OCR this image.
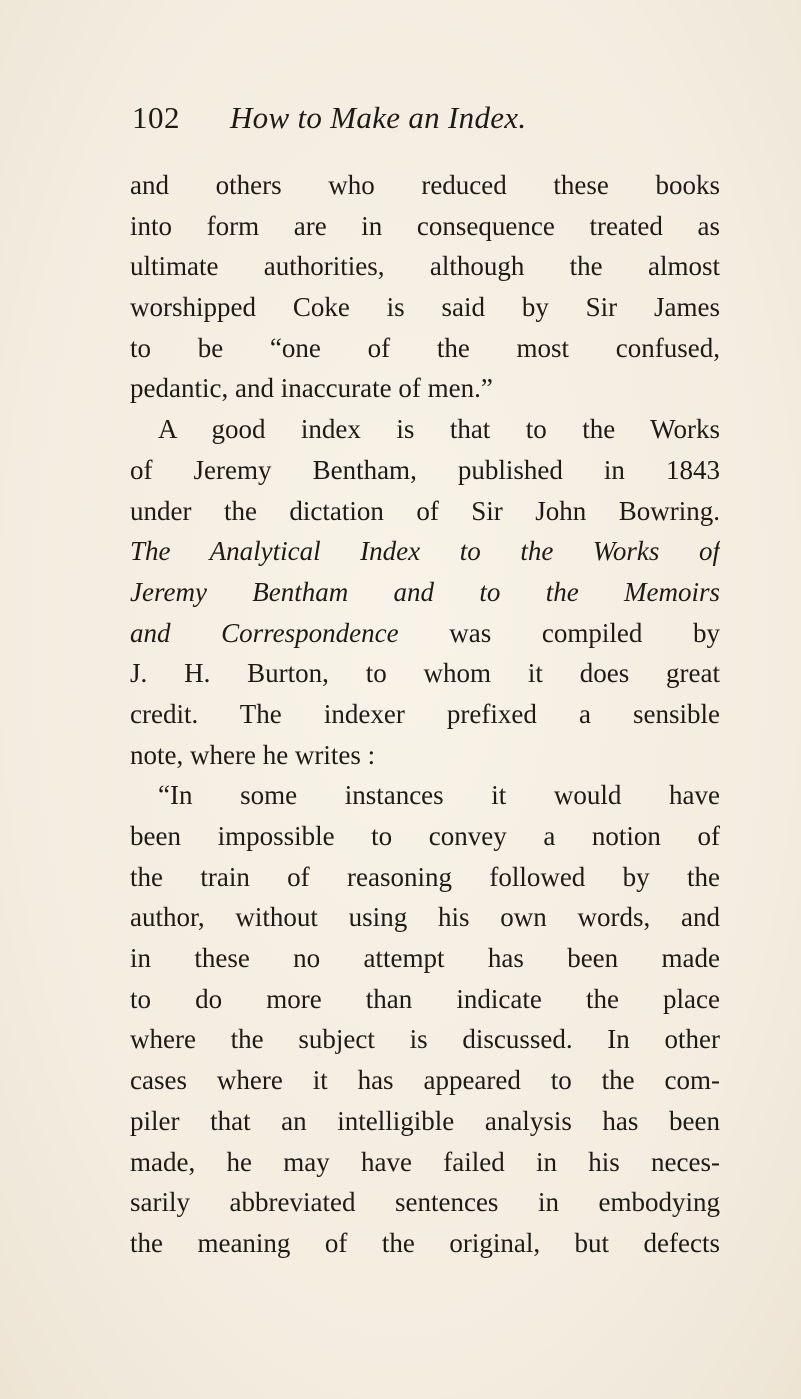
102 How to Make an Index.
and others who reduced these books
into form are in consequence treated as
ultimate authorities, although the almost
worshipped Coke is said by Sir James
to be “one of the most confused,
pedantic, and inaccurate of men.”
A good index is that to the Works
of Jeremy Bentham, published in 1843
under the dictation of Sir John Bowring.
The Analytical Index to the Works of
Jeremy Bentham and to the Memoirs
and Correspondence was compiled by
J. H. Burton, to whom it does great
credit. The indexer prefixed a sensible
note, where he writes :
“In some instances it would have
been impossible to convey a notion of
the train of reasoning followed by the
author, without using his own words, and
in these no attempt has been made
to do more than indicate the place
where the subject is discussed. In other
cases where it has appeared to the com-
piler that an intelligible analysis has been
made, he may have failed in his neces-
sarily abbreviated sentences in embodying
the meaning of the original, but defects
